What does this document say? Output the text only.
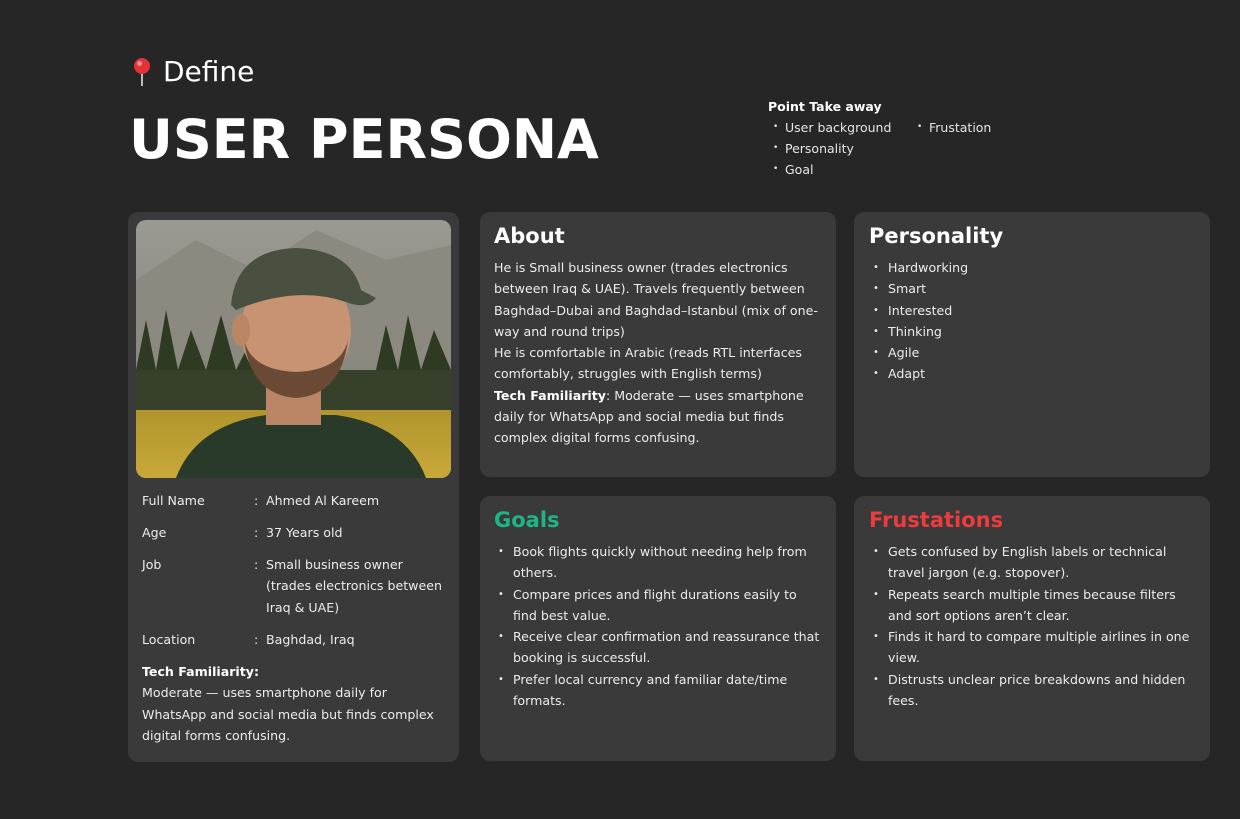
Define
USER PERSONA
Point Take away
• User background
•	Frustation
• Personality
• Goal
Full Name	: Ahmed Al Kareem
Age	: 37 Years old
Job	: Small business owner (trades electronics between Iraq & UAE)
Location	: Baghdad, Iraq
Tech Familiarity:
Moderate — uses smartphone daily for WhatsApp and social media but finds complex digital forms confusing.
About
He is Small business owner (trades electronics between Iraq & UAE). Travels frequently between Baghdad–Dubai and Baghdad–Istanbul (mix of one-way and round trips)
He is comfortable in Arabic (reads RTL interfaces comfortably, struggles with English terms)
Tech Familiarity: Moderate — uses smartphone daily for WhatsApp and social media but finds complex digital forms confusing.
Personality
• Hardworking
• Smart
• Interested
• Thinking
• Agile
• Adapt
Goals
• Book flights quickly without needing help from others.
• Compare prices and flight durations easily to find best value.
• Receive clear confirmation and reassurance that booking is successful.
• Prefer local currency and familiar date/time formats.
Frustations
• Gets confused by English labels or technical travel jargon (e.g. stopover).
• Repeats search multiple times because filters and sort options aren’t clear.
• Finds it hard to compare multiple airlines in one view.
• Distrusts unclear price breakdowns and hidden fees.
